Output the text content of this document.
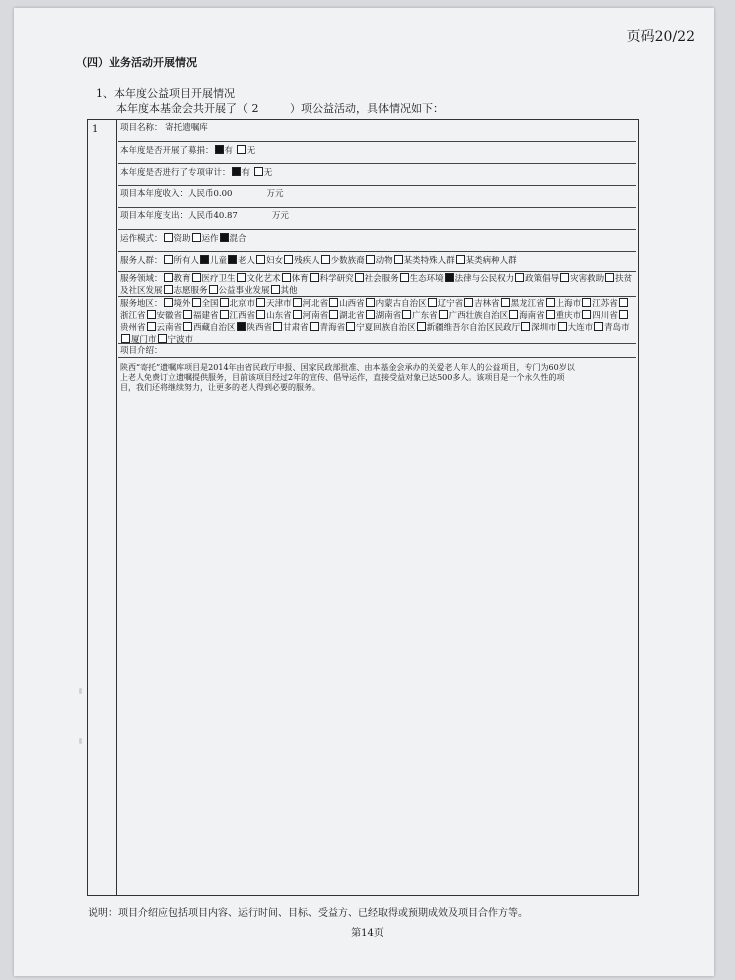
页码20/22
（四）业务活动开展情况
1、本年度公益项目开展情况
本年度本基金会共开展了（ 2         ）项公益活动，具体情况如下：
1	项目名称： 寄托遗嘱库
本年度是否开展了募捐： 有 无
本年度是否进行了专项审计： 有 无
项目本年度收入：人民币0.00	万元
项目本年度支出：人民币40.87	万元
运作模式： 资助 运作 混合
服务人群： 所有人 儿童 老人 妇女 残疾人 少数族裔 动物 某类特殊人群 某类病种人群
服务领域： 教育 医疗卫生 文化艺术 体育 科学研究 社会服务 生态环境 法律与公民权力 政策倡导 灾害救助 扶贫及社区发展 志愿服务 公益事业发展 其他
服务地区： 境外 全国 北京市 天津市 河北省 山西省 内蒙古自治区 辽宁省 吉林省 黑龙江省 上海市 江苏省浙江省 安徽省 福建省 江西省 山东省 河南省 湖北省 湖南省 广东省 广西壮族自治区 海南省 重庆市 四川省贵州省 云南省 西藏自治区 陕西省 甘肃省 青海省 宁夏回族自治区 新疆维吾尔自治区民政厅 深圳市 大连市 青岛市厦门市 宁波市
项目介绍：
陕西“寄托”遗嘱库项目是2014年由省民政厅申报、国家民政部批准、由本基金会承办的关爱老人年人的公益项目，专门为60岁以上老人免费订立遗嘱提供服务，目前该项目经过2年的宣传、倡导运作，直接受益对象已达500多人。该项目是一个永久性的项目，我们还将继续努力，让更多的老人得到必要的服务。
说明：项目介绍应包括项目内容、运行时间、目标、受益方、已经取得或预期成效及项目合作方等。
第14页
